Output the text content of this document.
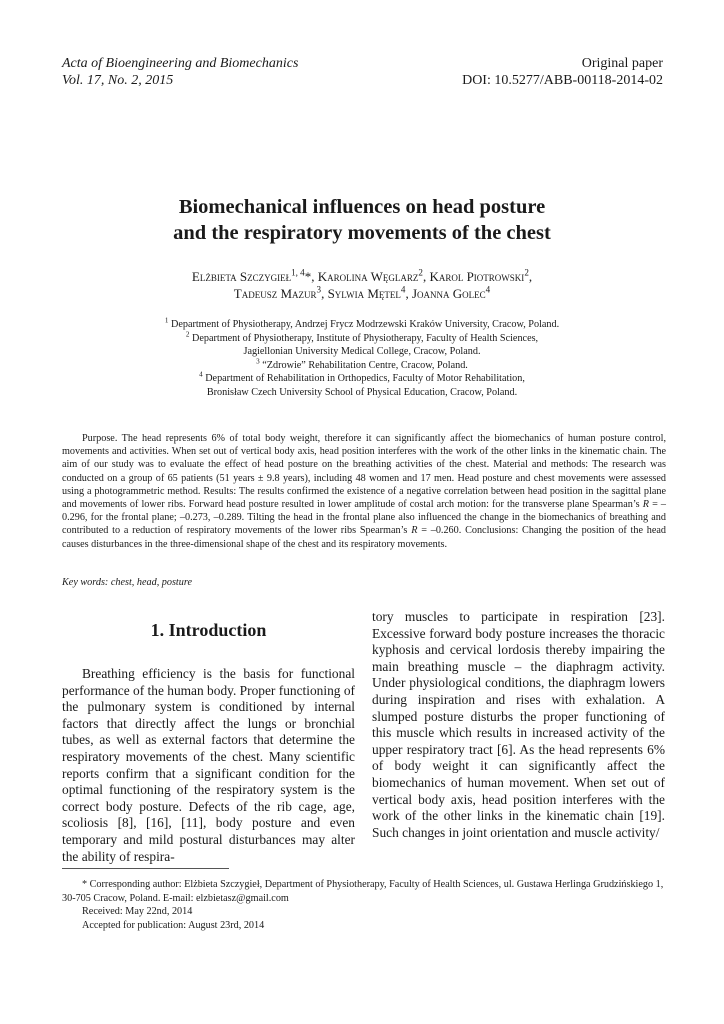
Acta of Bioengineering and Biomechanics
Vol. 17, No. 2, 2015
Original paper
DOI: 10.5277/ABB-00118-2014-02
Biomechanical influences on head posture
and the respiratory movements of the chest
Elżbieta Szczygieł$^{1, 4}$*, Karolina Węglarz$^2$, Karol Piotrowski$^2$,
Tadeusz Mazur$^3$, Sylwia Mętel$^4$, Joanna Golec$^4$
$^1$ Department of Physiotherapy, Andrzej Frycz Modrzewski Kraków University, Cracow, Poland.
$^2$ Department of Physiotherapy, Institute of Physiotherapy, Faculty of Health Sciences,
Jagiellonian University Medical College, Cracow, Poland.
$^3$ “Zdrowie” Rehabilitation Centre, Cracow, Poland.
$^4$ Department of Rehabilitation in Orthopedics, Faculty of Motor Rehabilitation,
Bronisław Czech University School of Physical Education, Cracow, Poland.
Purpose. The head represents 6% of total body weight, therefore it can significantly affect the biomechanics of human posture control, movements and activities. When set out of vertical body axis, head position interferes with the work of the other links in the kinematic chain. The aim of our study was to evaluate the effect of head posture on the breathing activities of the chest. Material and methods: The research was conducted on a group of 65 patients (51 years ± 9.8 years), including 48 women and 17 men. Head posture and chest movements were assessed using a photogrammetric method. Results: The results confirmed the existence of a negative correlation between head position in the sagittal plane and movements of lower ribs. Forward head posture resulted in lower amplitude of costal arch motion: for the transverse plane Spearman’s R = –0.296, for the frontal plane; –0.273, –0.289. Tilting the head in the frontal plane also influenced the change in the biomechanics of breathing and contributed to a reduction of respiratory movements of the lower ribs Spearman’s R = –0.260. Conclusions: Changing the position of the head causes disturbances in the three-dimensional shape of the chest and its respiratory movements.
Key words: chest, head, posture
1. Introduction
Breathing efficiency is the basis for functional performance of the human body. Proper functioning of the pulmonary system is conditioned by internal factors that directly affect the lungs or bronchial tubes, as well as external factors that determine the respiratory movements of the chest. Many scientific reports confirm that a significant condition for the optimal functioning of the respiratory system is the correct body posture. Defects of the rib cage, age, scoliosis [8], [16], [11], body posture and even temporary and mild postural disturbances may alter the ability of respira-
tory muscles to participate in respiration [23]. Excessive forward body posture increases the thoracic kyphosis and cervical lordosis thereby impairing the main breathing muscle – the diaphragm activity. Under physiological conditions, the diaphragm lowers during inspiration and rises with exhalation. A slumped posture disturbs the proper functioning of this muscle which results in increased activity of the upper respiratory tract [6]. As the head represents 6% of body weight it can significantly affect the biomechanics of human movement. When set out of vertical body axis, head position interferes with the work of the other links in the kinematic chain [19]. Such changes in joint orientation and muscle activity/

* Corresponding author: Elżbieta Szczygieł, Department of Physiotherapy, Faculty of Health Sciences, ul. Gustawa Herlinga Grudzińskiego 1, 30-705 Cracow, Poland. E-mail: elzbietasz@gmail.com

Received: May 22nd, 2014

Accepted for publication: August 23rd, 2014
